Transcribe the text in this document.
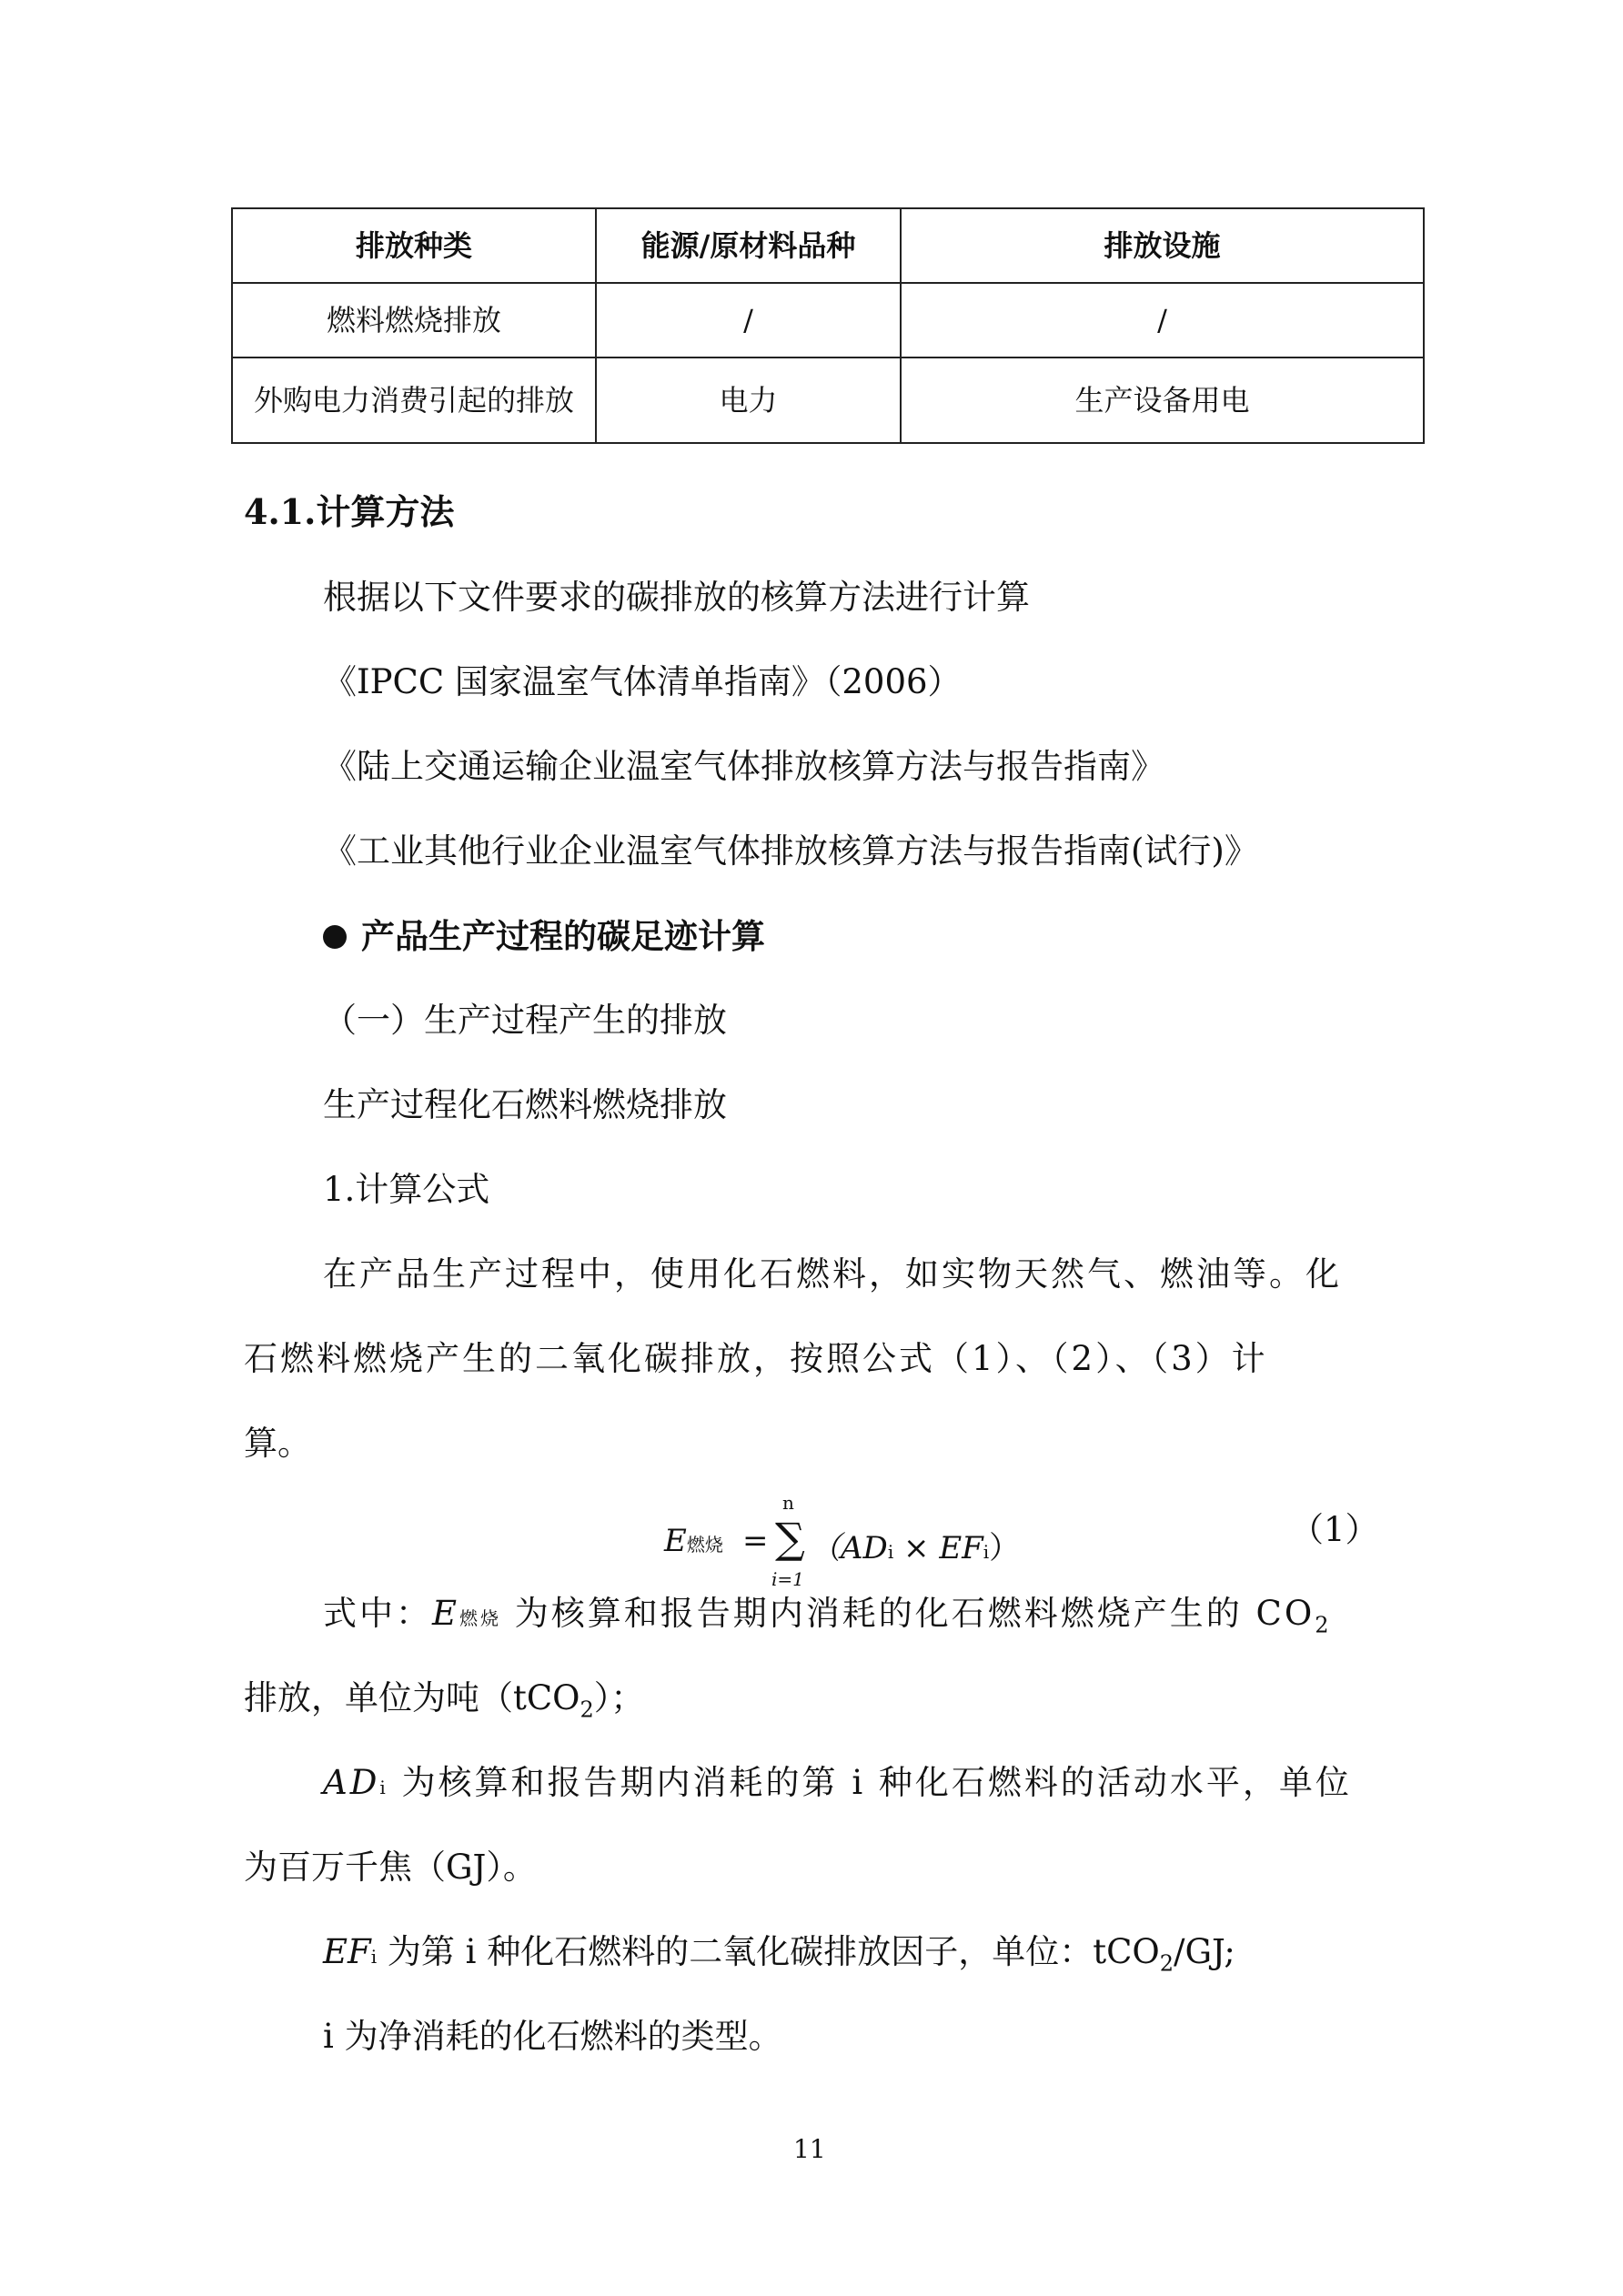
排放种类	能源/原材料品种	排放设施
燃料燃烧排放	/	/
外购电力消费引起的排放	电力	生产设备用电
4.1.计算方法
根据以下文件要求的碳排放的核算方法进行计算
《IPCC 国家温室气体清单指南》（2006）
《陆上交通运输企业温室气体排放核算方法与报告指南》
《工业其他行业企业温室气体排放核算方法与报告指南(试行)》
产品生产过程的碳足迹计算
（一）生产过程产生的排放
生产过程化石燃料燃烧排放
1.计算公式
在产品生产过程中，使用化石燃料，如实物天然气、燃油等。化
石燃料燃烧产生的二氧化碳排放，按照公式（1）、（2）、（3）计
算。
E燃烧 =
n
∑
i=1
（ADi × EFi）	（1）
式中：E燃烧 为核算和报告期内消耗的化石燃料燃烧产生的 $CO_2$
排放，单位为吨（tCO$_2$）；
ADi 为核算和报告期内消耗的第 i 种化石燃料的活动水平，单位
为百万千焦（GJ）。
EFi 为第 i 种化石燃料的二氧化碳排放因子，单位：tCO$_2$/GJ;
i 为净消耗的化石燃料的类型。
11
